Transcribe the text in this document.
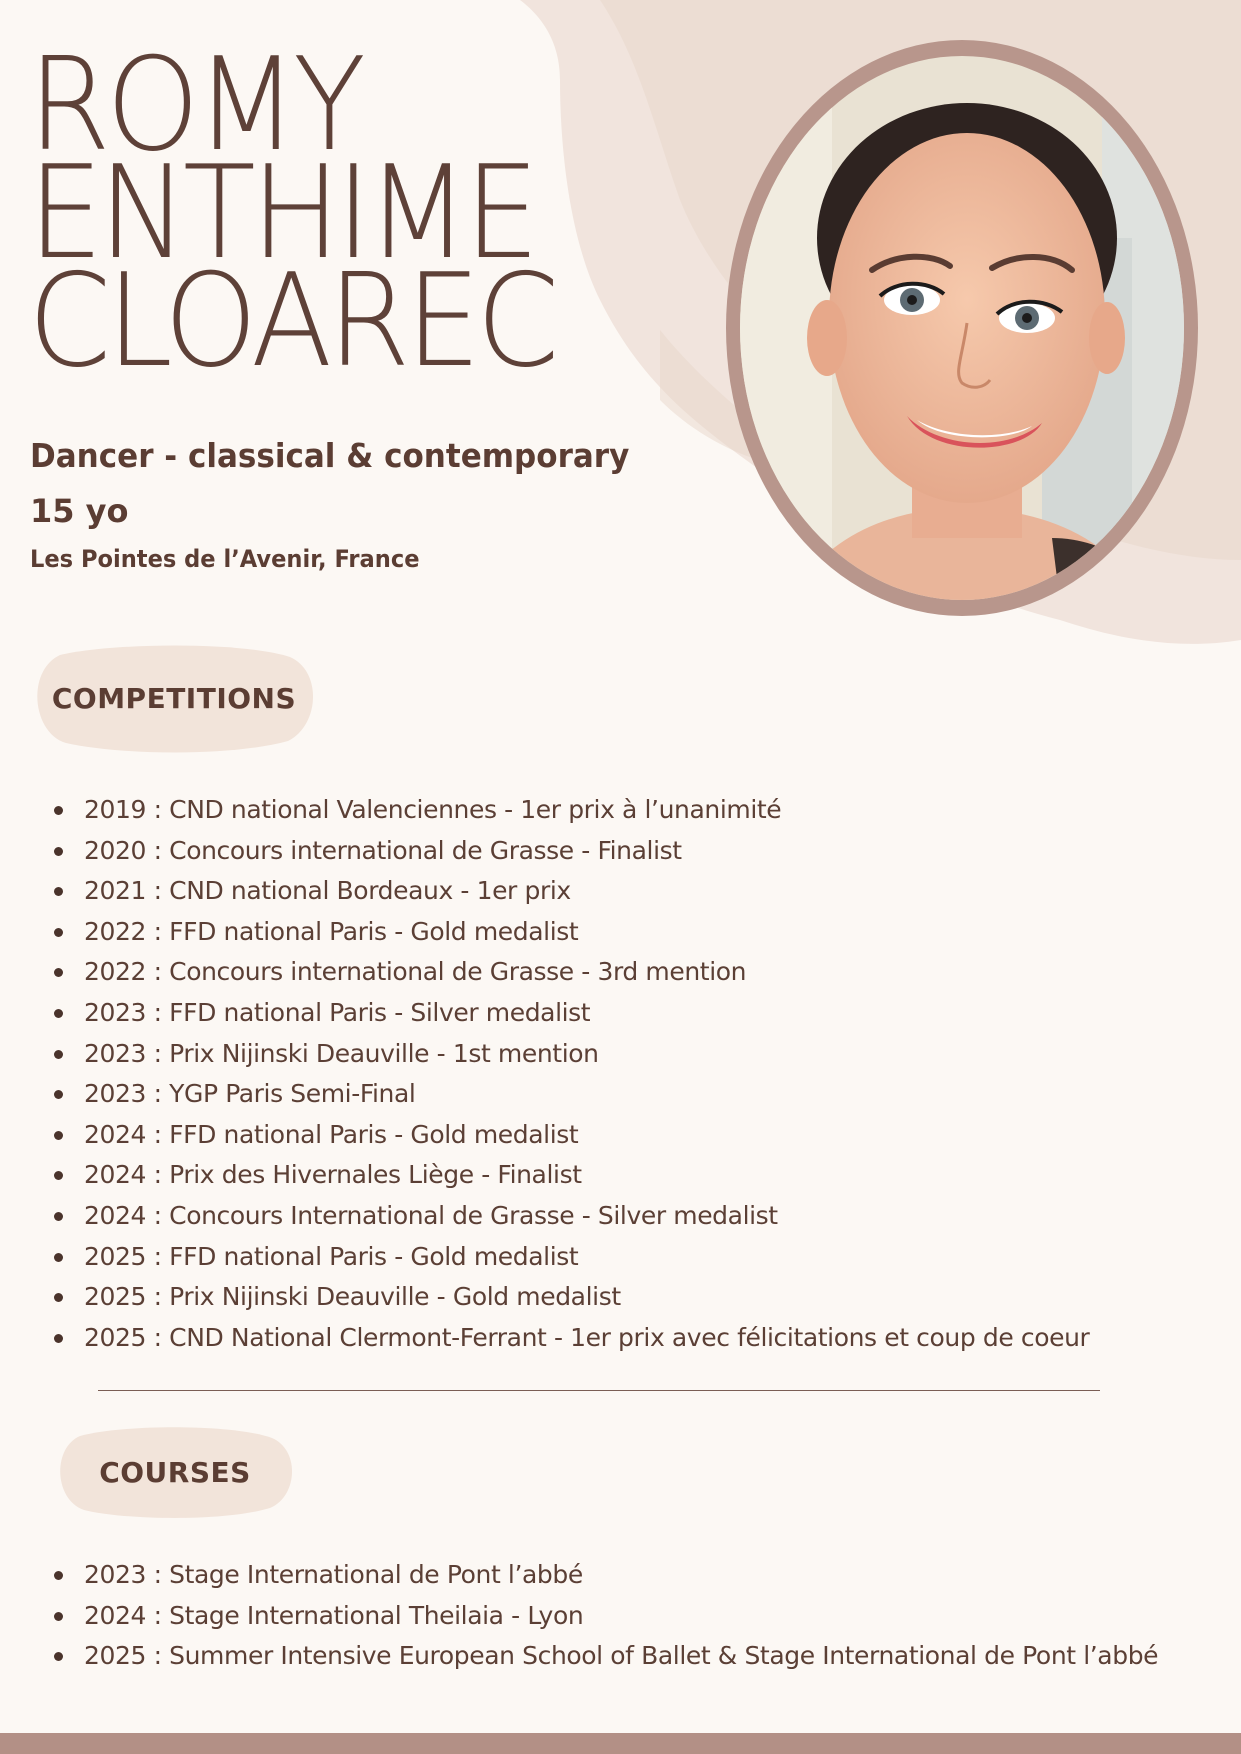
ROMY
ENTHIME
CLOAREC
Dancer - classical & contemporary
15 yo
Les Pointes de l’Avenir, France
COMPETITIONS
2019 : CND national Valenciennes - 1er prix à l’unanimité
2020 : Concours international de Grasse - Finalist
2021 : CND national Bordeaux - 1er prix
2022 : FFD national Paris - Gold medalist
2022 : Concours international de Grasse - 3rd mention
2023 : FFD national Paris - Silver medalist
2023 : Prix Nijinski Deauville - 1st mention
2023 : YGP Paris Semi-Final
2024 : FFD national Paris - Gold medalist
2024 : Prix des Hivernales Liège - Finalist
2024 : Concours International de Grasse - Silver medalist
2025 : FFD national Paris - Gold medalist
2025 : Prix Nijinski Deauville - Gold medalist
2025 : CND National Clermont-Ferrant - 1er prix avec félicitations et coup de coeur
COURSES
2023 : Stage International de Pont l’abbé
2024 : Stage International Theilaia - Lyon
2025 : Summer Intensive European School of Ballet & Stage International de Pont l’abbé
